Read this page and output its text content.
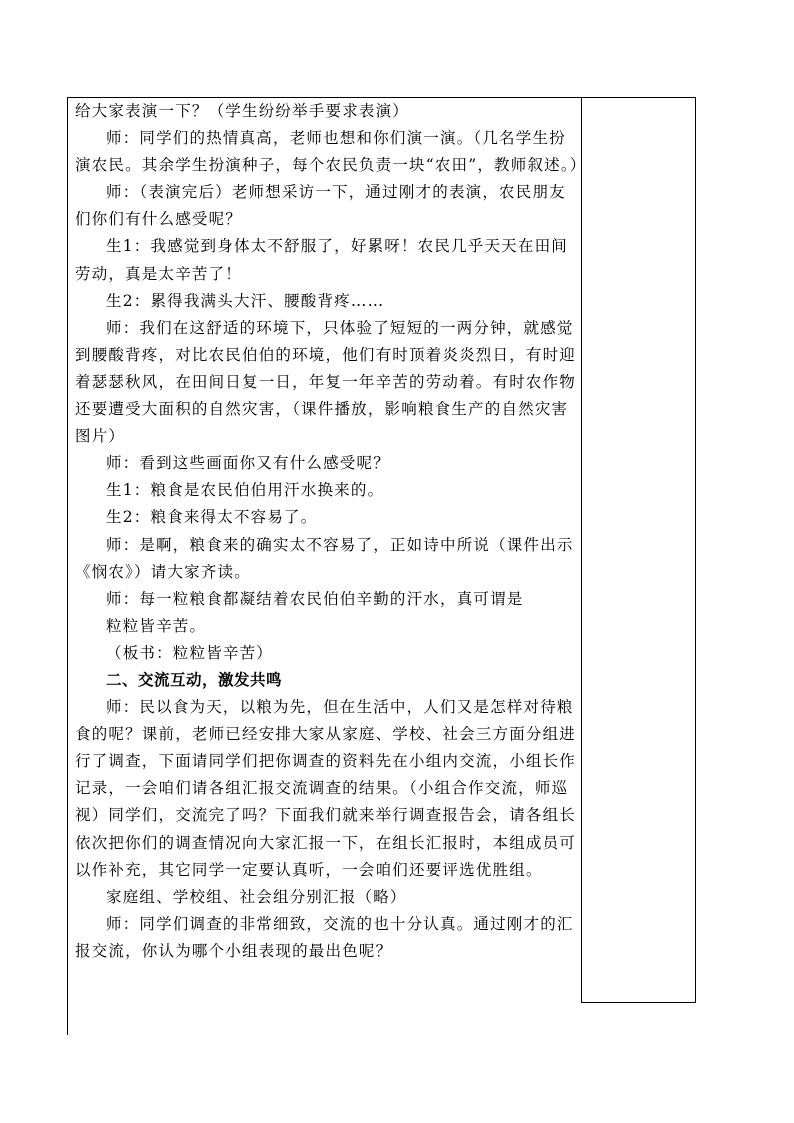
给大家表演一下？（学生纷纷举手要求表演）

师：同学们的热情真高，老师也想和你们演一演。（几名学生扮演农民。其余学生扮演种子，每个农民负责一块“农田”，教师叙述。）

师：（表演完后）老师想采访一下，通过刚才的表演，农民朋友们你们有什么感受呢？

生1：我感觉到身体太不舒服了，好累呀！农民几乎天天在田间劳动，真是太辛苦了！

生2：累得我满头大汗、腰酸背疼……

师：我们在这舒适的环境下，只体验了短短的一两分钟，就感觉到腰酸背疼，对比农民伯伯的环境，他们有时顶着炎炎烈日，有时迎着瑟瑟秋风，在田间日复一日，年复一年辛苦的劳动着。有时农作物还要遭受大面积的自然灾害，（课件播放，影响粮食生产的自然灾害图片）

师：看到这些画面你又有什么感受呢？

生1：粮食是农民伯伯用汗水换来的。

生2：粮食来得太不容易了。

师：是啊，粮食来的确实太不容易了，正如诗中所说（课件出示《悯农》）请大家齐读。

师：每一粒粮食都凝结着农民伯伯辛勤的汗水，真可谓是

粒粒皆辛苦。

（板书：粒粒皆辛苦）

二、交流互动，激发共鸣

师：民以食为天，以粮为先，但在生活中，人们又是怎样对待粮食的呢？课前，老师已经安排大家从家庭、学校、社会三方面分组进行了调查，下面请同学们把你调查的资料先在小组内交流，小组长作记录，一会咱们请各组汇报交流调查的结果。（小组合作交流，师巡视）同学们，交流完了吗？下面我们就来举行调查报告会，请各组长依次把你们的调查情况向大家汇报一下，在组长汇报时，本组成员可以作补充，其它同学一定要认真听，一会咱们还要评选优胜组。

家庭组、学校组、社会组分别汇报（略）

师：同学们调查的非常细致，交流的也十分认真。通过刚才的汇报交流，你认为哪个小组表现的最出色呢？
